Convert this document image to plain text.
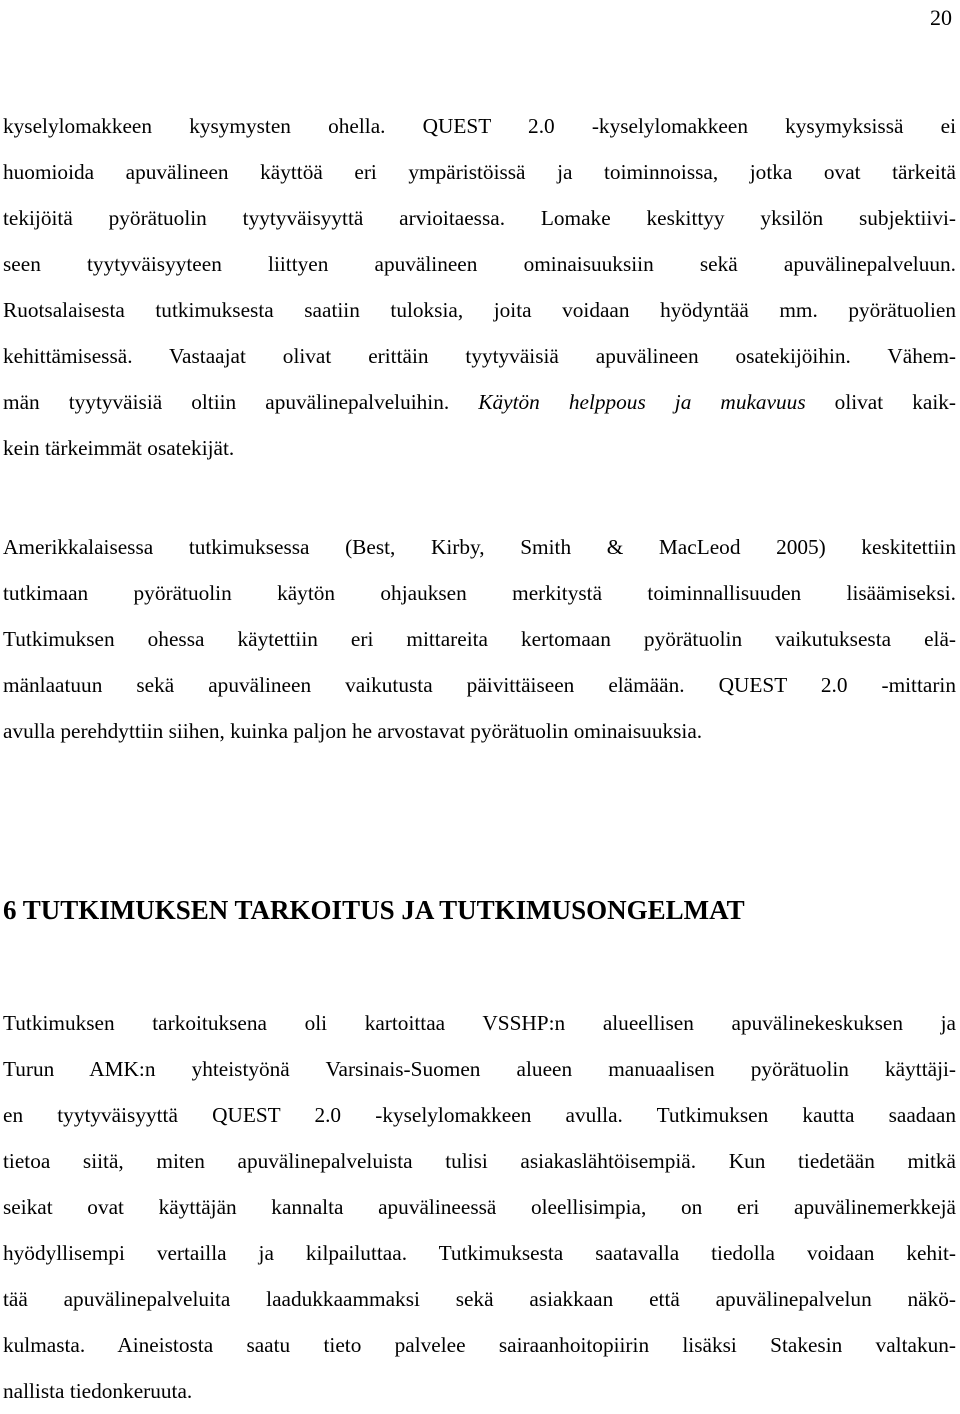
20
kyselylomakkeen kysymysten ohella. QUEST 2.0 -kyselylomakkeen kysymyksissä ei
huomioida apuvälineen käyttöä eri ympäristöissä ja toiminnoissa, jotka ovat tärkeitä
tekijöitä pyörätuolin tyytyväisyyttä arvioitaessa. Lomake keskittyy yksilön subjektiivi-
seen tyytyväisyyteen liittyen apuvälineen ominaisuuksiin sekä apuvälinepalveluun.
Ruotsalaisesta tutkimuksesta saatiin tuloksia, joita voidaan hyödyntää mm. pyörätuolien
kehittämisessä. Vastaajat olivat erittäin tyytyväisiä apuvälineen osatekijöihin. Vähem-
män tyytyväisiä oltiin apuvälinepalveluihin. Käytön helppous ja mukavuus olivat kaik-
kein tärkeimmät osatekijät.
Amerikkalaisessa tutkimuksessa (Best, Kirby, Smith & MacLeod 2005) keskitettiin
tutkimaan pyörätuolin käytön ohjauksen merkitystä toiminnallisuuden lisäämiseksi.
Tutkimuksen ohessa käytettiin eri mittareita kertomaan pyörätuolin vaikutuksesta elä-
mänlaatuun sekä apuvälineen vaikutusta päivittäiseen elämään. QUEST 2.0 -mittarin
avulla perehdyttiin siihen, kuinka paljon he arvostavat pyörätuolin ominaisuuksia.
6 TUTKIMUKSEN TARKOITUS JA TUTKIMUSONGELMAT
Tutkimuksen tarkoituksena oli kartoittaa VSSHP:n alueellisen apuvälinekeskuksen ja
Turun AMK:n yhteistyönä Varsinais-Suomen alueen manuaalisen pyörätuolin käyttäji-
en tyytyväisyyttä QUEST 2.0 -kyselylomakkeen avulla. Tutkimuksen kautta saadaan
tietoa siitä, miten apuvälinepalveluista tulisi asiakaslähtöisempiä. Kun tiedetään mitkä
seikat ovat käyttäjän kannalta apuvälineessä oleellisimpia, on eri apuvälinemerkkejä
hyödyllisempi vertailla ja kilpailuttaa. Tutkimuksesta saatavalla tiedolla voidaan kehit-
tää apuvälinepalveluita laadukkaammaksi sekä asiakkaan että apuvälinepalvelun näkö-
kulmasta. Aineistosta saatu tieto palvelee sairaanhoitopiirin lisäksi Stakesin valtakun-
nallista tiedonkeruuta.
